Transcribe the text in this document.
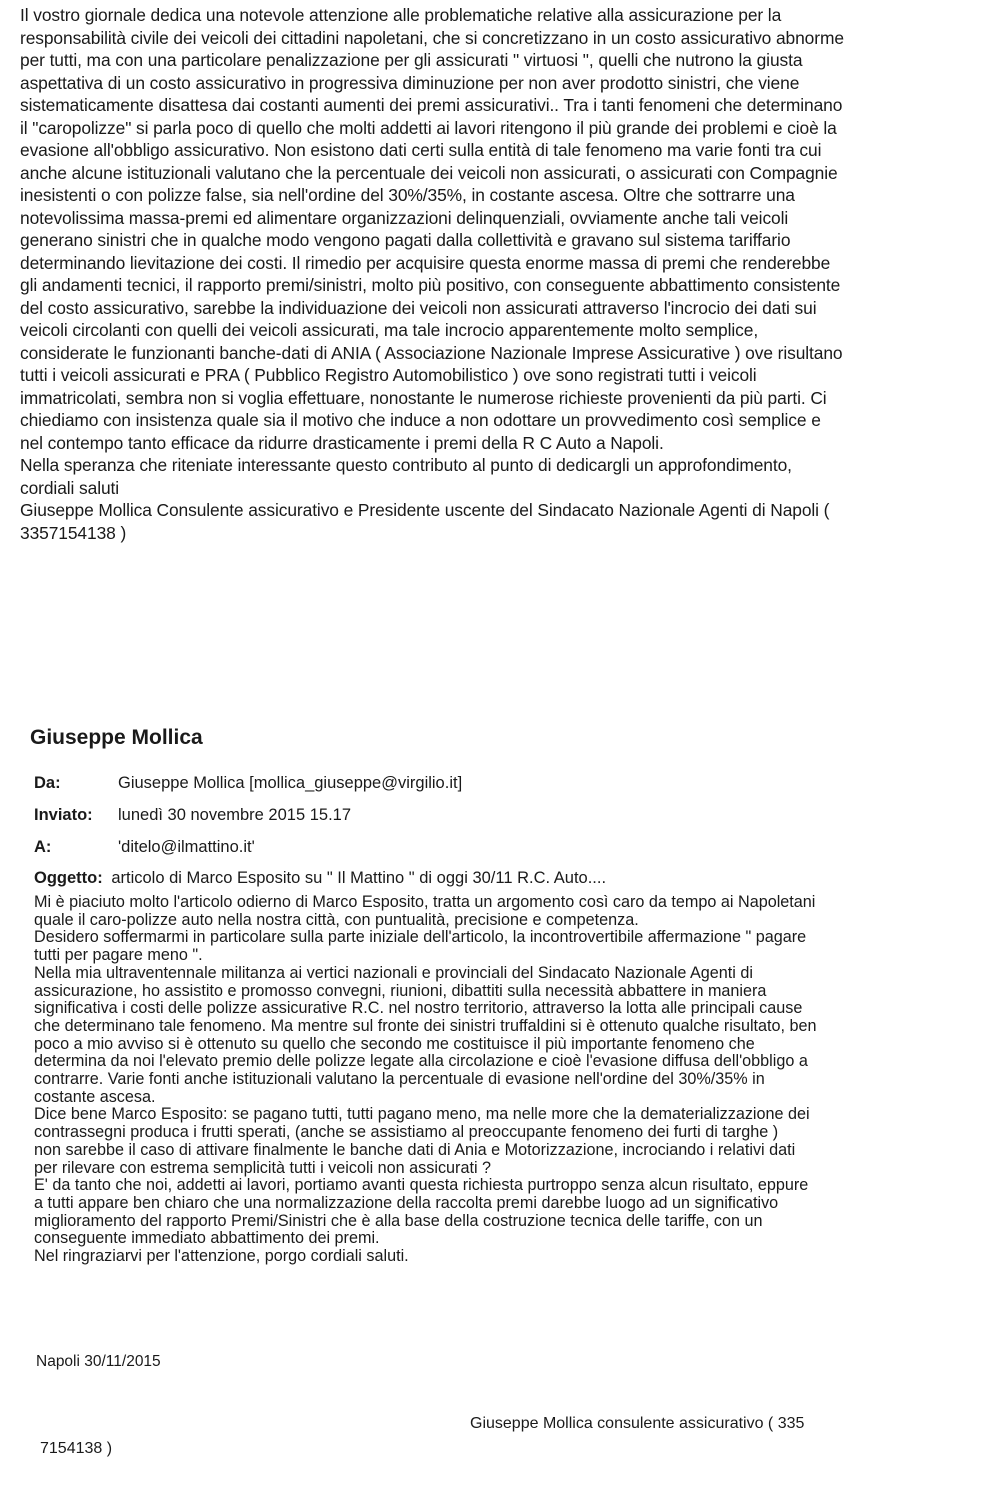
Il vostro giornale dedica una notevole attenzione alle problematiche relative alla assicurazione per la
responsabilità civile dei veicoli dei cittadini napoletani, che si concretizzano in un costo assicurativo abnorme
per tutti, ma con una particolare penalizzazione per gli assicurati " virtuosi ", quelli che nutrono la giusta
aspettativa di un costo assicurativo in progressiva diminuzione per non aver prodotto sinistri, che viene
sistematicamente disattesa dai costanti aumenti dei premi assicurativi.. Tra i tanti fenomeni che determinano
il "caropolizze" si parla poco di quello che molti addetti ai lavori ritengono il più grande dei problemi e cioè la
evasione all'obbligo assicurativo. Non esistono dati certi sulla entità di tale fenomeno ma varie fonti tra cui
anche alcune istituzionali valutano che la percentuale dei veicoli non assicurati, o assicurati con Compagnie
inesistenti o con polizze false, sia nell'ordine del 30%/35%, in costante ascesa. Oltre che sottrarre una
notevolissima massa-premi ed alimentare organizzazioni delinquenziali, ovviamente anche tali veicoli
generano sinistri che in qualche modo vengono pagati dalla collettività e gravano sul sistema tariffario
determinando lievitazione dei costi. Il rimedio per acquisire questa enorme massa di premi che renderebbe
gli andamenti tecnici, il rapporto premi/sinistri, molto più positivo, con conseguente abbattimento consistente
del costo assicurativo, sarebbe la individuazione dei veicoli non assicurati attraverso l'incrocio dei dati sui
veicoli circolanti con quelli dei veicoli assicurati, ma tale incrocio apparentemente molto semplice,
considerate le funzionanti banche-dati di ANIA ( Associazione Nazionale Imprese Assicurative ) ove risultano
tutti i veicoli assicurati e PRA ( Pubblico Registro Automobilistico ) ove sono registrati tutti i veicoli
immatricolati, sembra non si voglia effettuare, nonostante le numerose richieste provenienti da più parti. Ci
chiediamo con insistenza quale sia il motivo che induce a non odottare un provvedimento così semplice e
nel contempo tanto efficace da ridurre drasticamente i premi della R C Auto a Napoli.
Nella speranza che riteniate interessante questo contributo al punto di dedicargli un approfondimento,
cordiali saluti
Giuseppe Mollica Consulente assicurativo e Presidente uscente del Sindacato Nazionale Agenti di Napoli (
3357154138 )
Giuseppe Mollica
Da:	Giuseppe Mollica [mollica_giuseppe@virgilio.it]
Inviato: lunedì 30 novembre 2015 15.17
A:	'ditelo@ilmattino.it'
Oggetto: articolo di Marco Esposito su " Il Mattino " di oggi 30/11 R.C. Auto....
Mi è piaciuto molto l'articolo odierno di Marco Esposito, tratta un argomento così caro da tempo ai Napoletani
quale il caro-polizze auto nella nostra città, con puntualità, precisione e competenza.
Desidero soffermarmi in particolare sulla parte iniziale dell'articolo, la incontrovertibile affermazione " pagare
tutti per pagare meno ".
Nella mia ultraventennale militanza ai vertici nazionali e provinciali del Sindacato Nazionale Agenti di
assicurazione, ho assistito e promosso convegni, riunioni, dibattiti sulla necessità abbattere in maniera
significativa i costi delle polizze assicurative R.C. nel nostro territorio, attraverso la lotta alle principali cause
che determinano tale fenomeno. Ma mentre sul fronte dei sinistri truffaldini si è ottenuto qualche risultato, ben
poco a mio avviso si è ottenuto su quello che secondo me costituisce il più importante fenomeno che
determina da noi l'elevato premio delle polizze legate alla circolazione e cioè l'evasione diffusa dell'obbligo a
contrarre. Varie fonti anche istituzionali valutano la percentuale di evasione nell'ordine del 30%/35% in
costante ascesa.
Dice bene Marco Esposito: se pagano tutti, tutti pagano meno, ma nelle more che la dematerializzazione dei
contrassegni produca i frutti sperati, (anche se assistiamo al preoccupante fenomeno dei furti di targhe )
non sarebbe il caso di attivare finalmente le banche dati di Ania e Motorizzazione, incrociando i relativi dati
per rilevare con estrema semplicità tutti i veicoli non assicurati ?
E' da tanto che noi, addetti ai lavori, portiamo avanti questa richiesta purtroppo senza alcun risultato, eppure
a tutti appare ben chiaro che una normalizzazione della raccolta premi darebbe luogo ad un significativo
miglioramento del rapporto Premi/Sinistri che è alla base della costruzione tecnica delle tariffe, con un
conseguente immediato abbattimento dei premi.
Nel ringraziarvi per l'attenzione, porgo cordiali saluti.
Napoli 30/11/2015
Giuseppe Mollica consulente assicurativo ( 335
7154138 )
